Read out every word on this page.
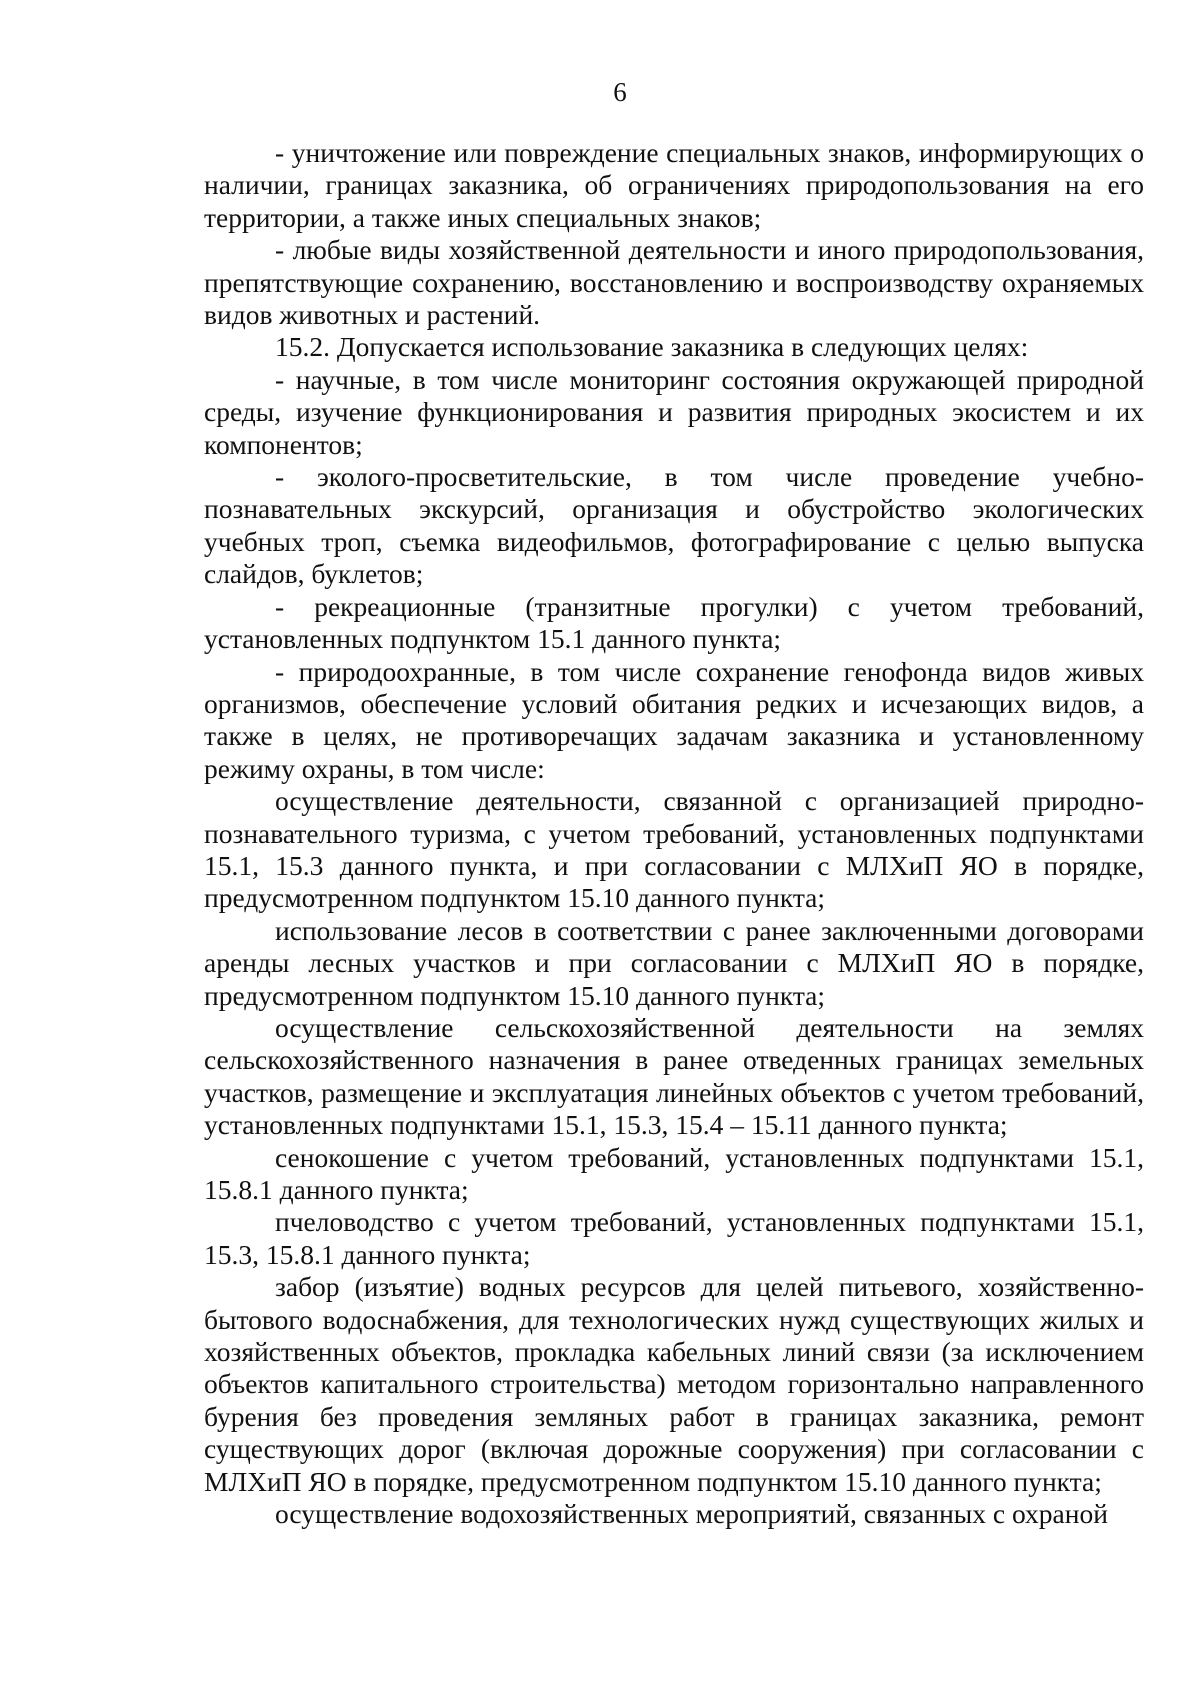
6

- уничтожение или повреждение специальных знаков, информирующих о наличии, границах заказника, об ограничениях природопользования на его территории, а также иных специальных знаков;

- любые виды хозяйственной деятельности и иного природопользования, препятствующие сохранению, восстановлению и воспроизводству охраняемых видов животных и растений.

15.2. Допускается использование заказника в следующих целях:

- научные, в том числе мониторинг состояния окружающей природной среды, изучение функционирования и развития природных экосистем и их компонентов;

- эколого-просветительские, в том числе проведение учебно-познавательных экскурсий, организация и обустройство экологических учебных троп, съемка видеофильмов, фотографирование с целью выпуска слайдов, буклетов;

- рекреационные (транзитные прогулки) с учетом требований, установленных подпунктом 15.1 данного пункта;

- природоохранные, в том числе сохранение генофонда видов живых организмов, обеспечение условий обитания редких и исчезающих видов, а также в целях, не противоречащих задачам заказника и установленному режиму охраны, в том числе:

осуществление деятельности, связанной с организацией природно-познавательного туризма, с учетом требований, установленных подпунктами 15.1, 15.3 данного пункта, и при согласовании с МЛХиП ЯО в порядке, предусмотренном подпунктом 15.10 данного пункта;

использование лесов в соответствии с ранее заключенными договорами аренды лесных участков и при согласовании с МЛХиП ЯО в порядке, предусмотренном подпунктом 15.10 данного пункта;

осуществление сельскохозяйственной деятельности на землях сельскохозяйственного назначения в ранее отведенных границах земельных участков, размещение и эксплуатация линейных объектов с учетом требований, установленных подпунктами 15.1, 15.3, 15.4 – 15.11 данного пункта;

сенокошение с учетом требований, установленных подпунктами 15.1, 15.8.1 данного пункта;

пчеловодство с учетом требований, установленных подпунктами 15.1, 15.3, 15.8.1 данного пункта;

забор (изъятие) водных ресурсов для целей питьевого, хозяйственно-бытового водоснабжения, для технологических нужд существующих жилых и хозяйственных объектов, прокладка кабельных линий связи (за исключением объектов капитального строительства) методом горизонтально направленного бурения без проведения земляных работ в границах заказника, ремонт существующих дорог (включая дорожные сооружения) при согласовании с МЛХиП ЯО в порядке, предусмотренном подпунктом 15.10 данного пункта;

осуществление водохозяйственных мероприятий, связанных с охраной
